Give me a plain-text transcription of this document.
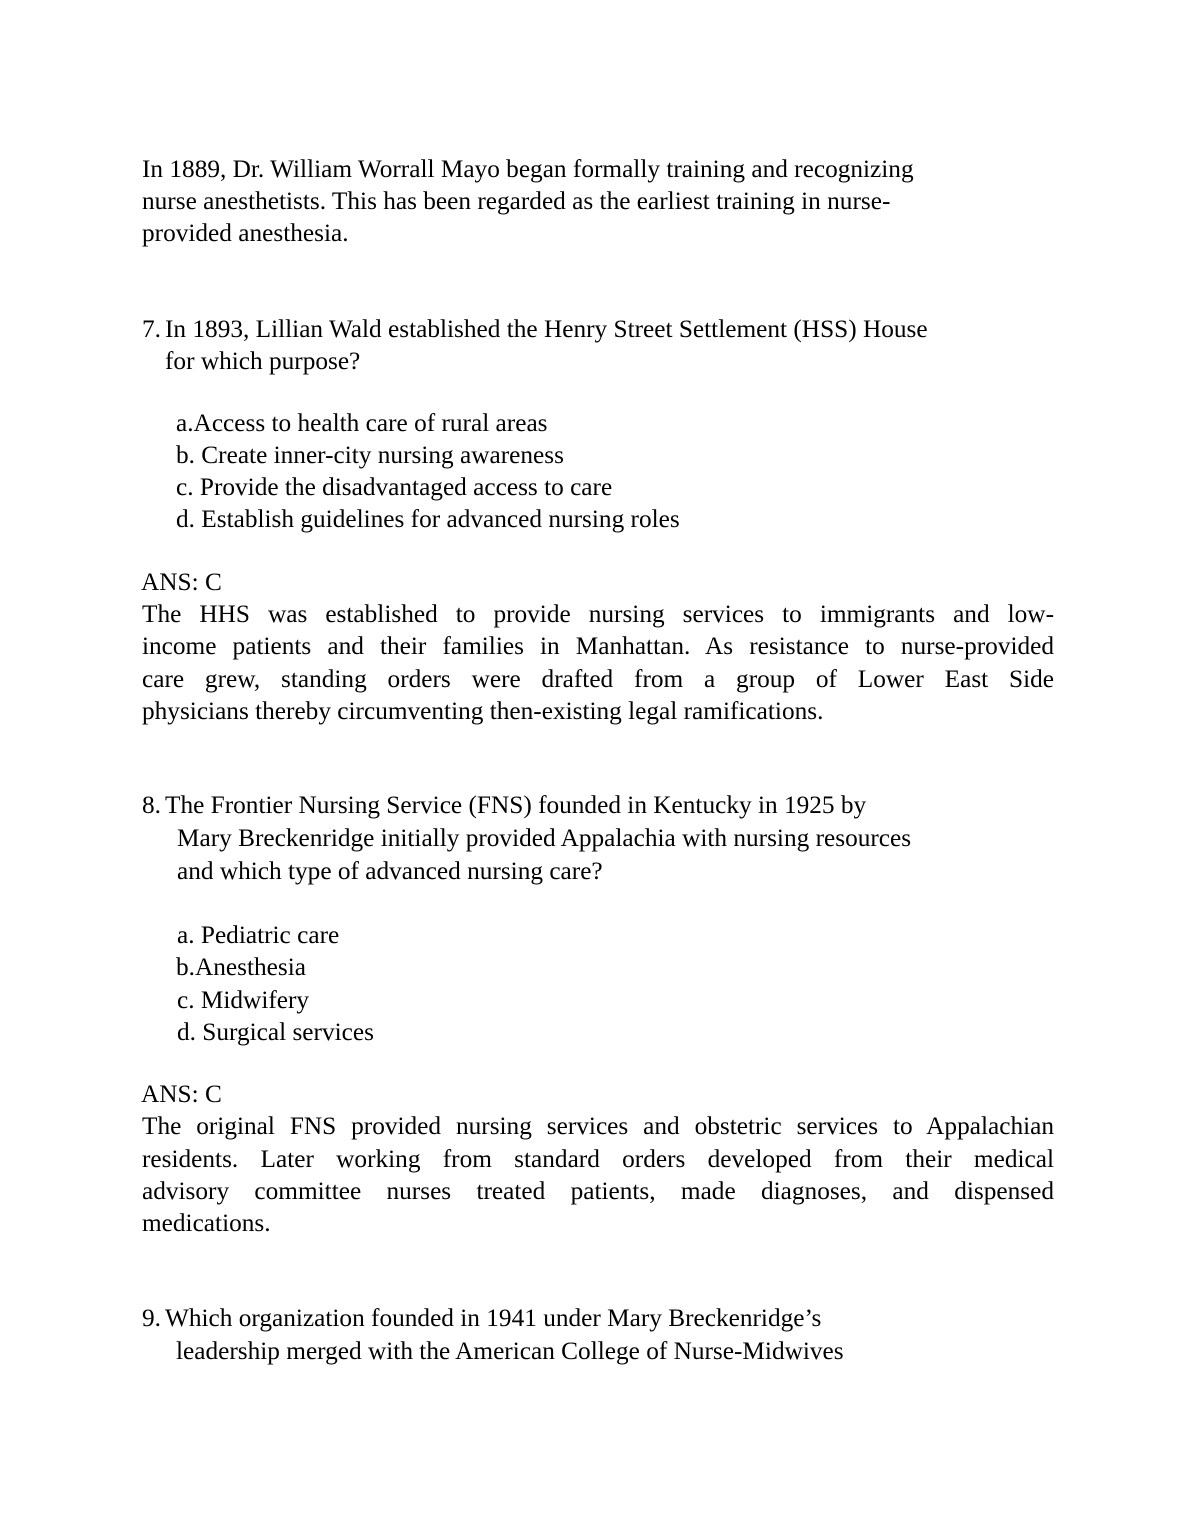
In 1889, Dr. William Worrall Mayo began formally training and recognizing
nurse anesthetists. This has been regarded as the earliest training in nurse-
provided anesthesia.
7. In 1893, Lillian Wald established the Henry Street Settlement (HSS) House
for which purpose?
a.Access to health care of rural areas
b. Create inner-city nursing awareness
c. Provide the disadvantaged access to care
d. Establish guidelines for advanced nursing roles
ANS: C
The HHS was established to provide nursing services to immigrants and low-
income patients and their families in Manhattan. As resistance to nurse-provided
care grew, standing orders were drafted from a group of Lower East Side
physicians thereby circumventing then-existing legal ramifications.
8. The Frontier Nursing Service (FNS) founded in Kentucky in 1925 by
Mary Breckenridge initially provided Appalachia with nursing resources
and which type of advanced nursing care?
a. Pediatric care
b.Anesthesia
c. Midwifery
d. Surgical services
ANS: C
The original FNS provided nursing services and obstetric services to Appalachian
residents. Later working from standard orders developed from their medical
advisory committee nurses treated patients, made diagnoses, and dispensed
medications.
9. Which organization founded in 1941 under Mary Breckenridge’s
leadership merged with the American College of Nurse-Midwives
